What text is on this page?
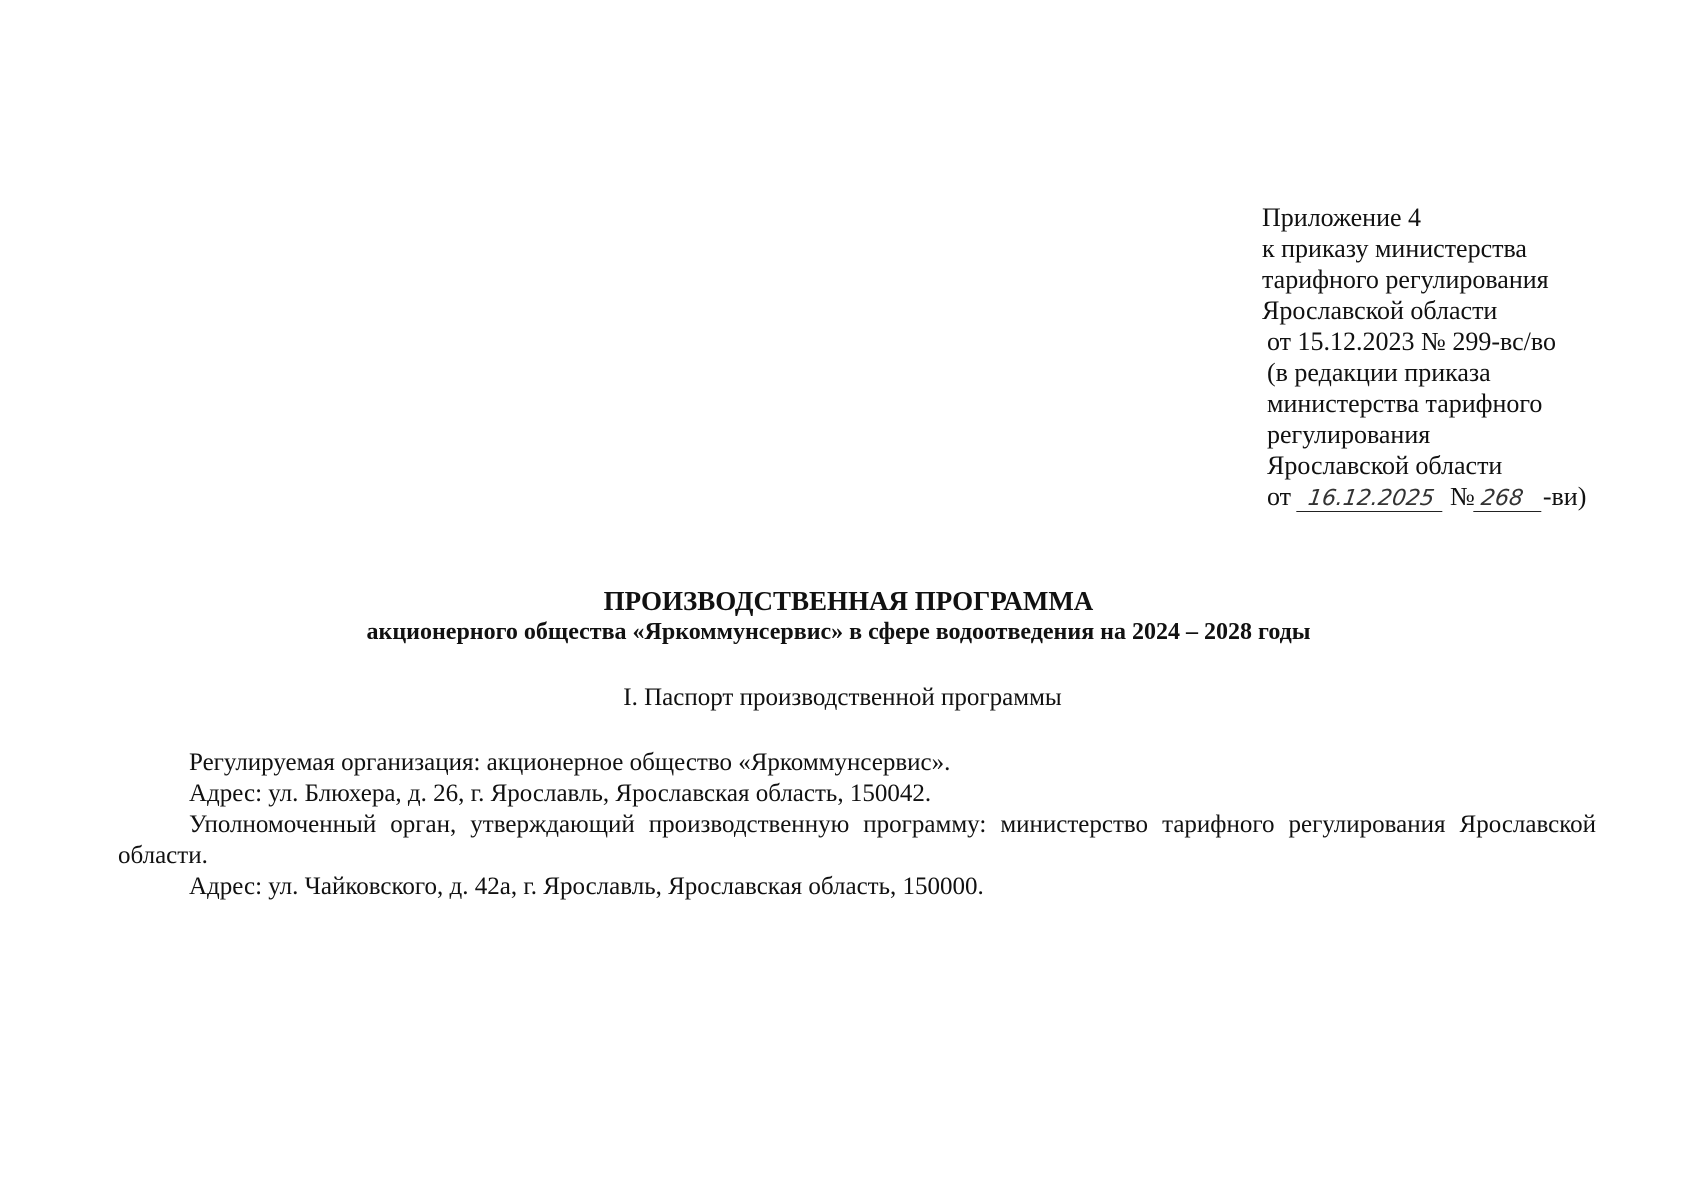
Приложение 4
к приказу министерства
тарифного регулирования
Ярославской области
от 15.12.2023 № 299-вс/во
(в редакции приказа
министерства тарифного
регулирования
Ярославской области
от 16.12.2025 № 268 -ви)
ПРОИЗВОДСТВЕННАЯ ПРОГРАММА
акционерного общества «Яркоммунсервис» в сфере водоотведения на 2024 – 2028 годы
I. Паспорт производственной программы

Регулируемая организация: акционерное общество «Яркоммунсервис».

Адрес: ул. Блюхера, д. 26, г. Ярославль, Ярославская область, 150042.

Уполномоченный орган, утверждающий производственную программу: министерство тарифного регулирования Ярославской области.

Адрес: ул. Чайковского, д. 42а, г. Ярославль, Ярославская область, 150000.
